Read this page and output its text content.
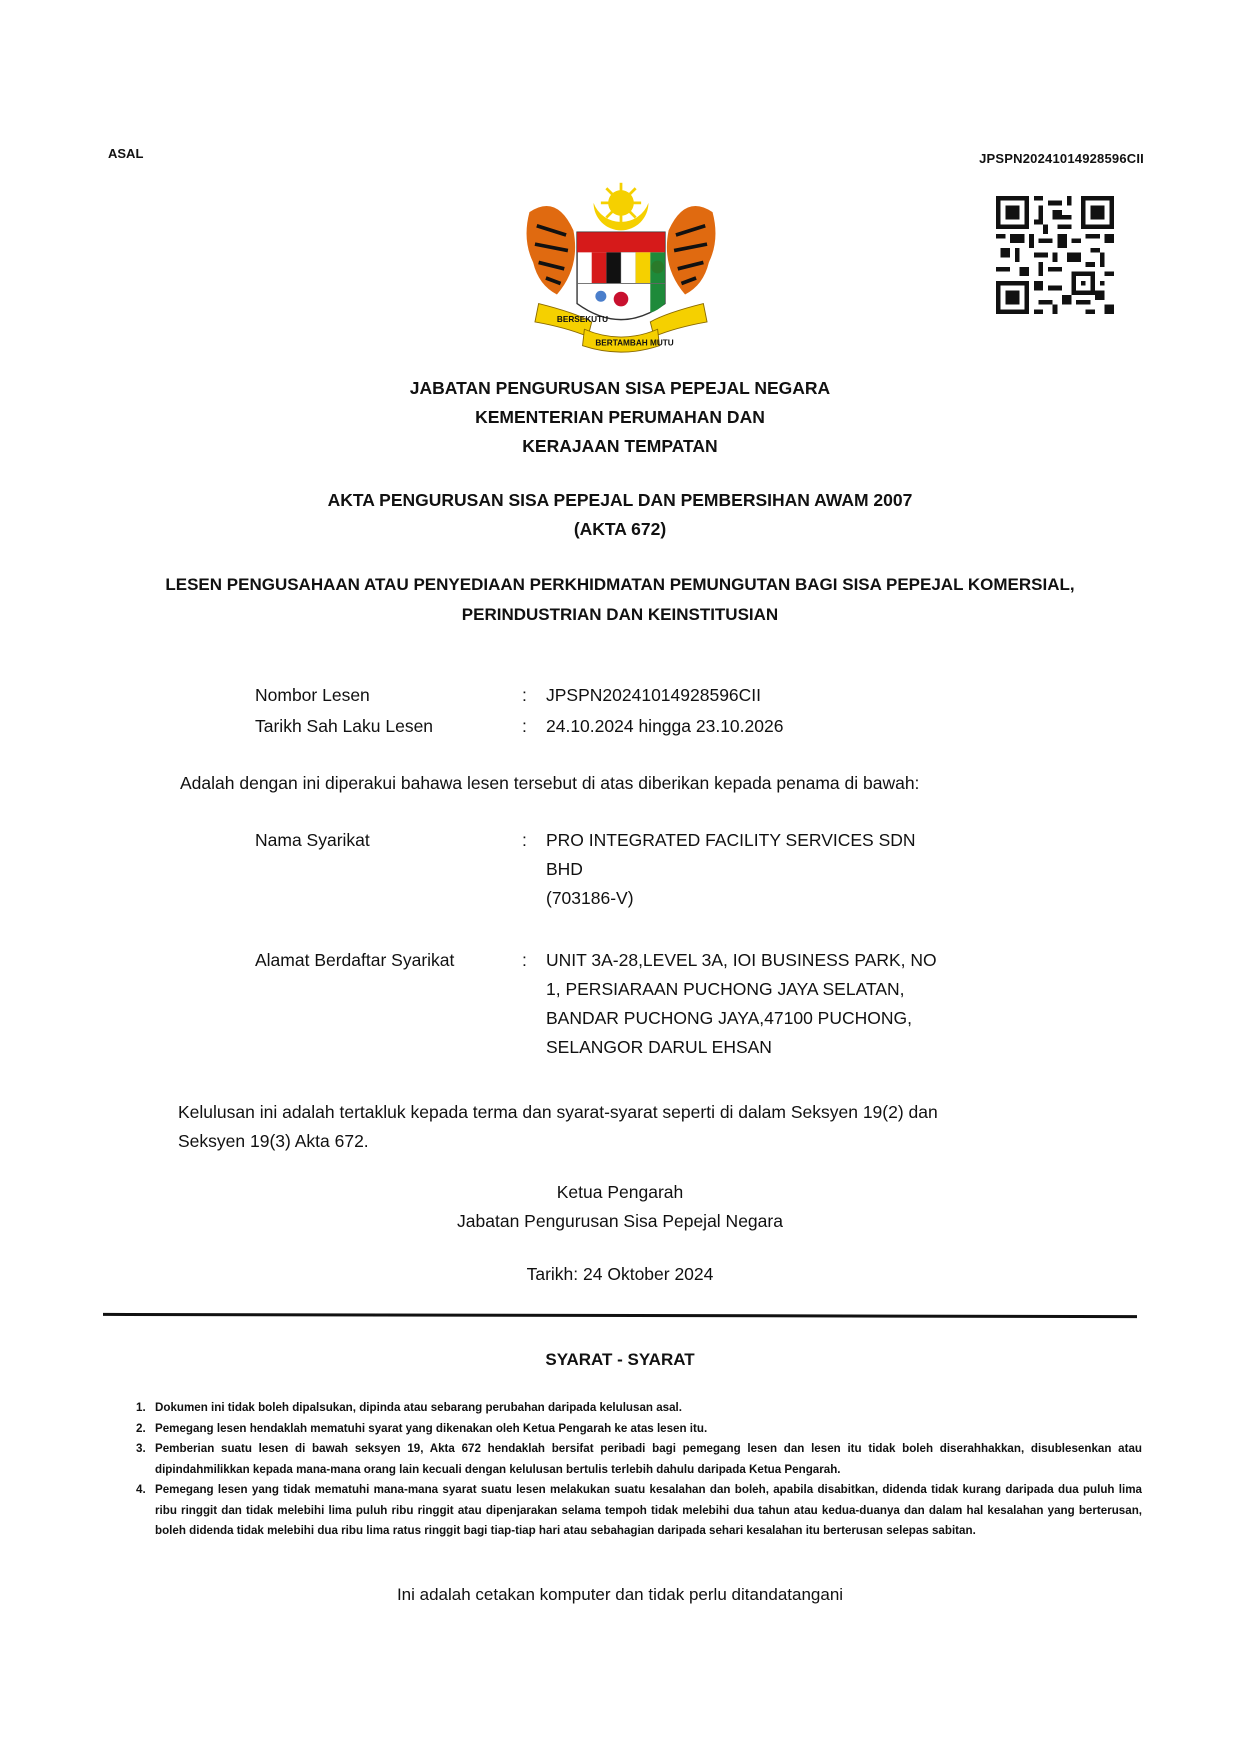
ASAL	JPSPN20241014928596CII
BERSEKUTU
BERTAMBAH MUTU
JABATAN PENGURUSAN SISA PEPEJAL NEGARA
KEMENTERIAN PERUMAHAN DAN
KERAJAAN TEMPATAN
AKTA PENGURUSAN SISA PEPEJAL DAN PEMBERSIHAN AWAM 2007
(AKTA 672)
LESEN PENGUSAHAAN ATAU PENYEDIAAN PERKHIDMATAN PEMUNGUTAN BAGI SISA PEPEJAL KOMERSIAL,
PERINDUSTRIAN DAN KEINSTITUSIAN
Nombor Lesen	: JPSPN20241014928596CII
Tarikh Sah Laku Lesen	: 24.10.2024 hingga 23.10.2026
Adalah dengan ini diperakui bahawa lesen tersebut di atas diberikan kepada penama di bawah:
Nama Syarikat	: PRO INTEGRATED FACILITY SERVICES SDN
BHD
(703186-V)
Alamat Berdaftar Syarikat	: UNIT 3A-28,LEVEL 3A, IOI BUSINESS PARK, NO
1, PERSIARAAN PUCHONG JAYA SELATAN,
BANDAR PUCHONG JAYA,47100 PUCHONG,
SELANGOR DARUL EHSAN
Kelulusan ini adalah tertakluk kepada terma dan syarat-syarat seperti di dalam Seksyen 19(2) dan
Seksyen 19(3) Akta 672.
Ketua Pengarah
Jabatan Pengurusan Sisa Pepejal Negara
Tarikh: 24 Oktober 2024
SYARAT - SYARAT
1. Dokumen ini tidak boleh dipalsukan, dipinda atau sebarang perubahan daripada kelulusan asal.
2. Pemegang lesen hendaklah mematuhi syarat yang dikenakan oleh Ketua Pengarah ke atas lesen itu.
3. Pemberian suatu lesen di bawah seksyen 19, Akta 672 hendaklah bersifat peribadi bagi pemegang lesen dan lesen itu tidak boleh diserahhakkan, disublesenkan atau dipindahmilikkan kepada mana-mana orang lain kecuali dengan kelulusan bertulis terlebih dahulu daripada Ketua Pengarah.
4. Pemegang lesen yang tidak mematuhi mana-mana syarat suatu lesen melakukan suatu kesalahan dan boleh, apabila disabitkan, didenda tidak kurang daripada dua puluh lima ribu ringgit dan tidak melebihi lima puluh ribu ringgit atau dipenjarakan selama tempoh tidak melebihi dua tahun atau kedua-duanya dan dalam hal kesalahan yang berterusan, boleh didenda tidak melebihi dua ribu lima ratus ringgit bagi tiap-tiap hari atau sebahagian daripada sehari kesalahan itu berterusan selepas sabitan.
Ini adalah cetakan komputer dan tidak perlu ditandatangani
